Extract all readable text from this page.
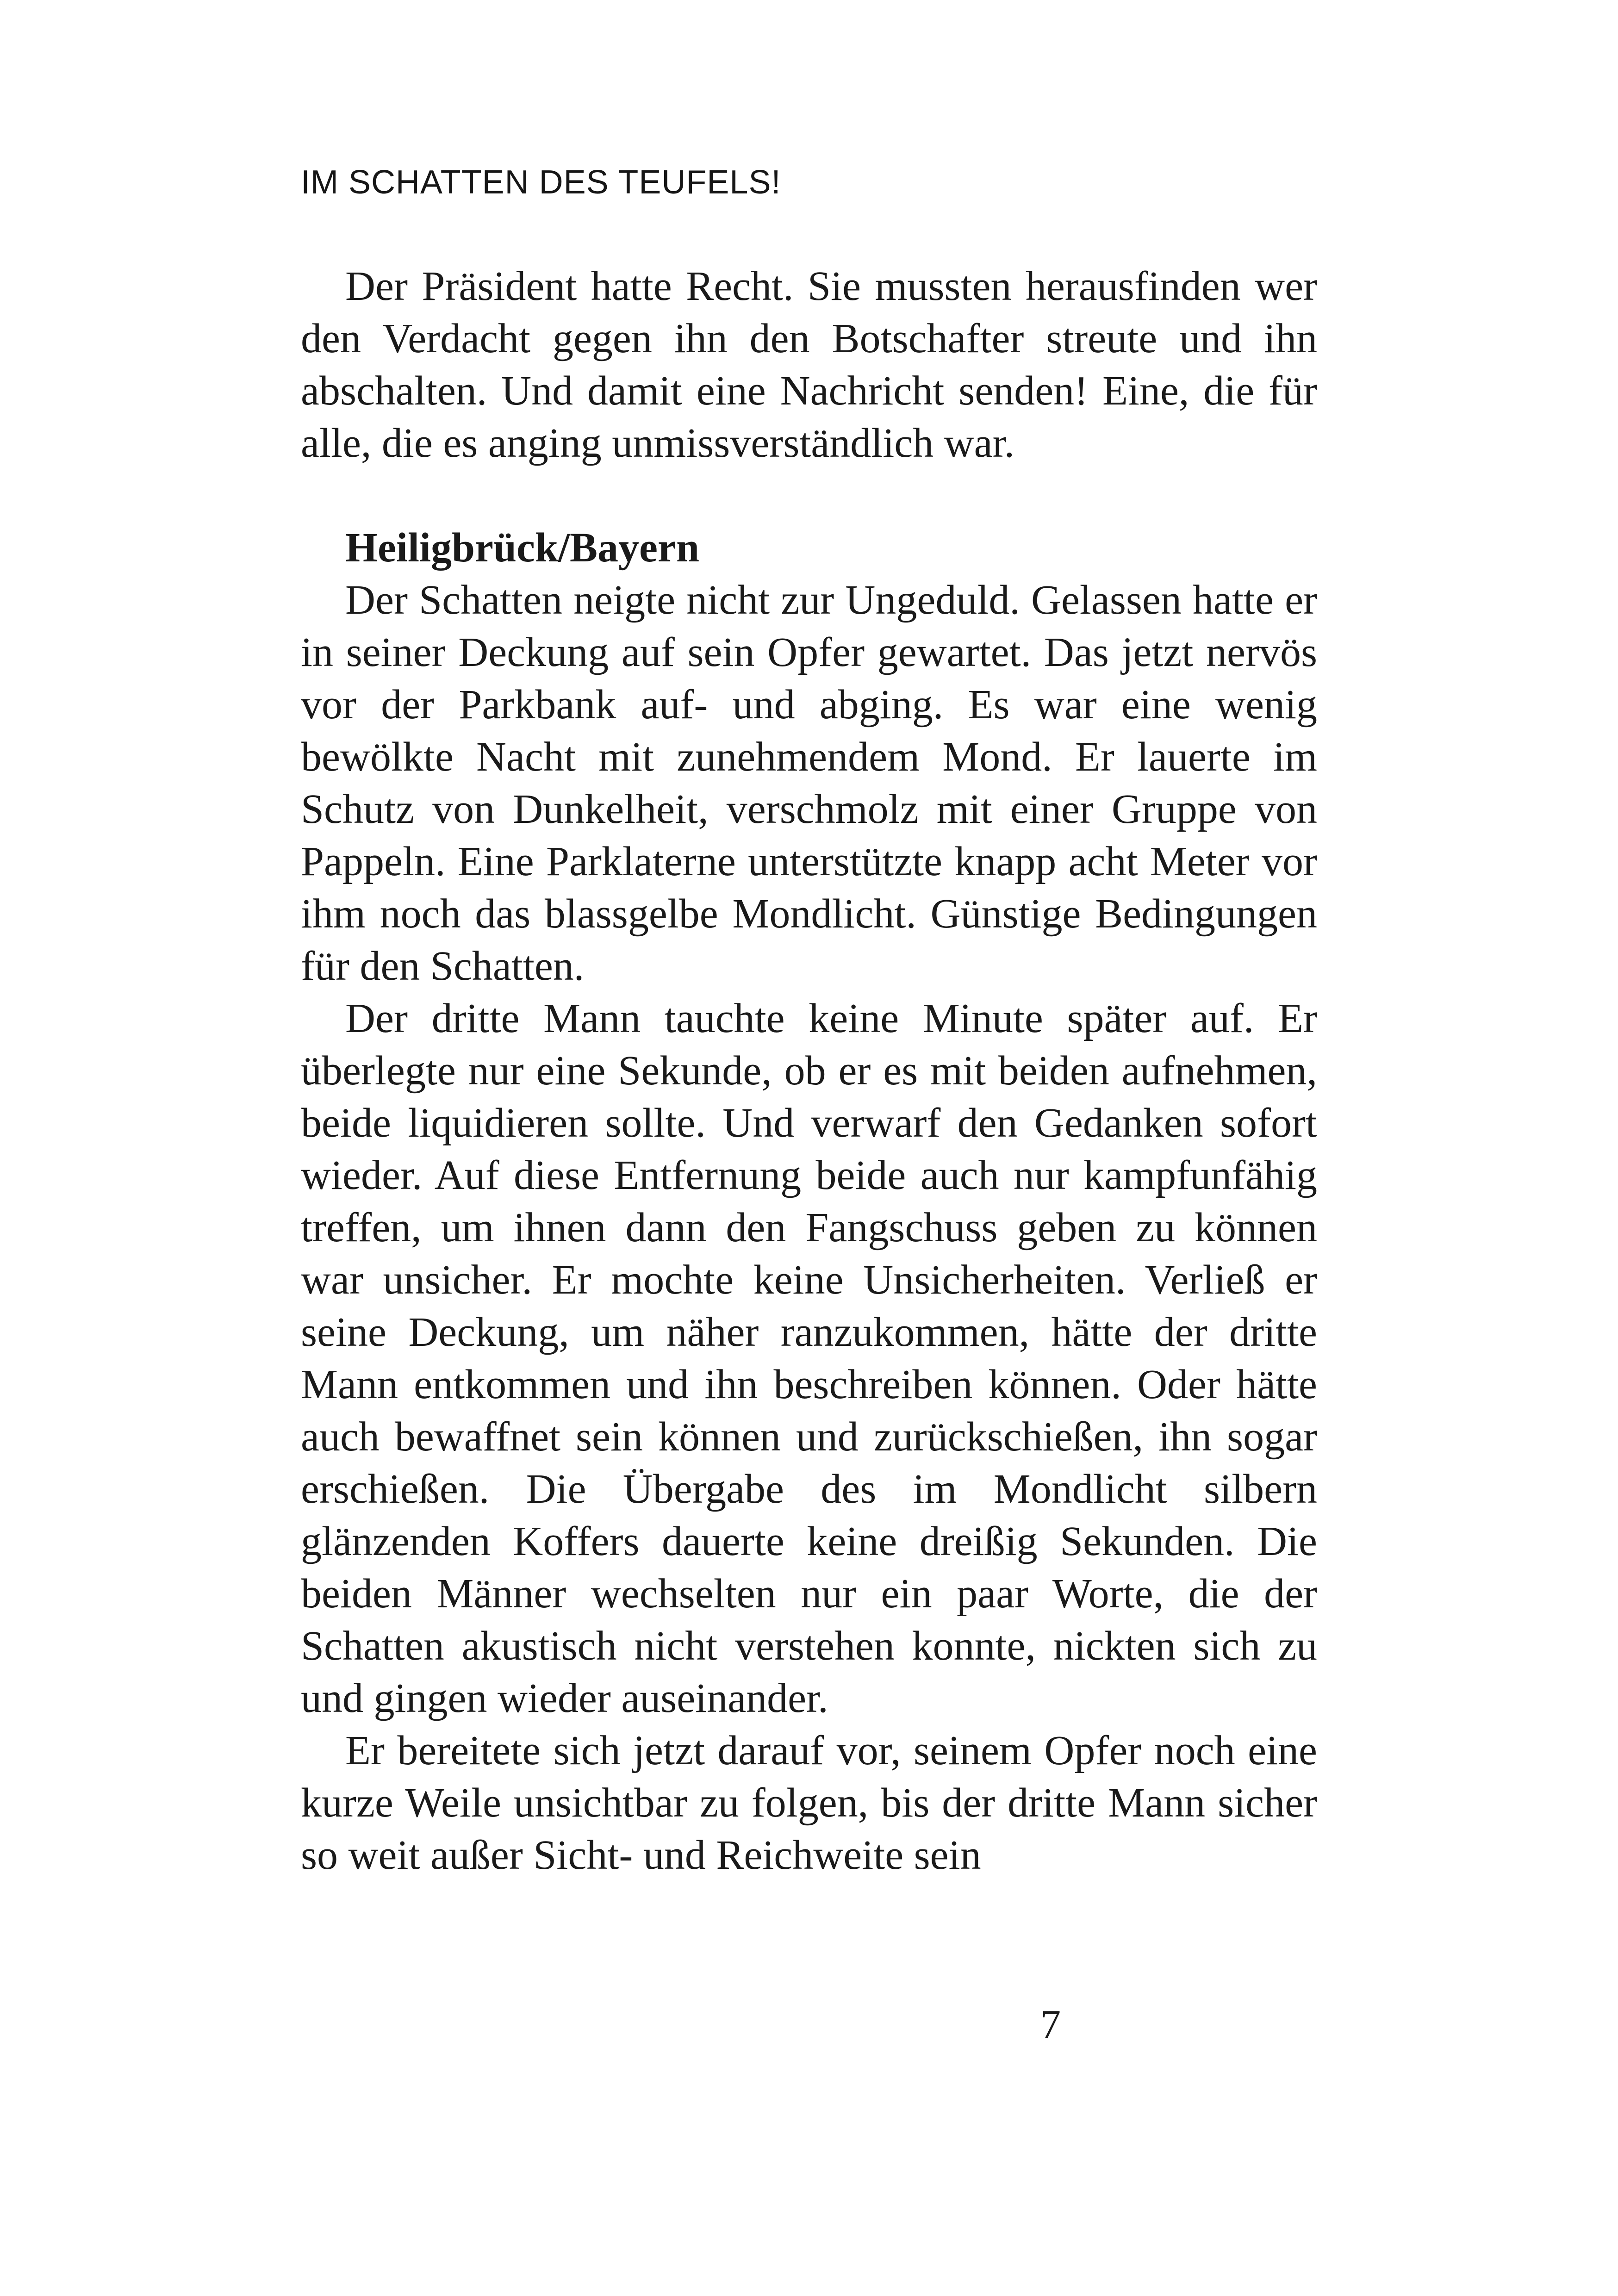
IM SCHATTEN DES TEUFELS!

Der Präsident hatte Recht. Sie mussten herausfinden wer den Verdacht gegen ihn den Botschafter streute und ihn abschalten. Und damit eine Nachricht senden! Eine, die für alle, die es anging unmissverständlich war.

Heiligbrück/Bayern

Der Schatten neigte nicht zur Ungeduld. Gelassen hatte er in seiner Deckung auf sein Opfer gewartet. Das jetzt nervös vor der Parkbank auf- und abging. Es war eine wenig bewölkte Nacht mit zunehmendem Mond. Er lauerte im Schutz von Dunkelheit, verschmolz mit einer Gruppe von Pappeln. Eine Parklaterne unterstützte knapp acht Meter vor ihm noch das blassgelbe Mondlicht. Günstige Bedingungen für den Schatten.

Der dritte Mann tauchte keine Minute später auf. Er überlegte nur eine Sekunde, ob er es mit beiden aufnehmen, beide liquidieren sollte. Und verwarf den Gedanken sofort wieder. Auf diese Entfernung beide auch nur kampfunfähig treffen, um ihnen dann den Fangschuss geben zu können war unsicher. Er mochte keine Unsicherheiten. Verließ er seine Deckung, um näher ranzukommen, hätte der dritte Mann entkommen und ihn beschreiben können. Oder hätte auch bewaffnet sein können und zurückschießen, ihn sogar erschießen. Die Übergabe des im Mondlicht silbern glänzenden Koffers dauerte keine dreißig Sekunden. Die beiden Männer wechselten nur ein paar Worte, die der Schatten akustisch nicht verstehen konnte, nickten sich zu und gingen wieder auseinander.

Er bereitete sich jetzt darauf vor, seinem Opfer noch eine kurze Weile unsichtbar zu folgen, bis der dritte Mann sicher so weit außer Sicht- und Reichweite sein

7
